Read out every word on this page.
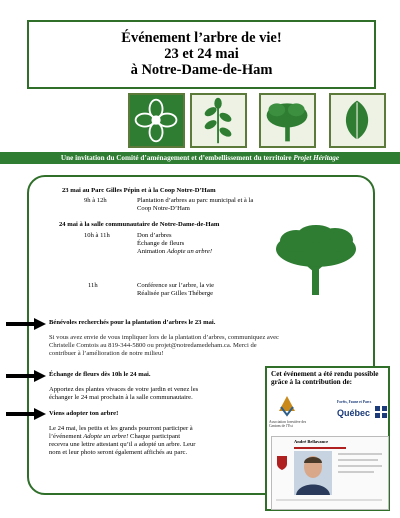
Événement l’arbre de vie!
23 et 24 mai
à Notre-Dame-de-Ham
Une invitation du Comité d’aménagement et d’embellissement du territoire Projet Héritage
23 mai au Parc Gilles Pépin et à la Coop Notre-D’Ham
9h à 12h	Plantation d’arbres au parc municipal et à la
Coop Notre-D’Ham
24 mai à la salle communautaire de Notre-Dame-de-Ham
10h à 11h	Don d’arbres
Échange de fleurs
Animation Adopte un arbre!
11h	Conférence sur l’arbre, la vie
Réalisée par Gilles Théberge
Bénévoles recherchés pour la plantation d’arbres le 23 mai.
Si vous avez envie de vous impliquer lors de la plantation d’arbres, communiquez avec
Christelle Comtois au 819-344-5800 ou projet@notredamedeham.ca. Merci de
contribuer à l’amélioration de notre milieu!
Échange de fleurs dès 10h le 24 mai.
Apportez des plantes vivaces de votre jardin et venez les
échanger le 24 mai prochain à la salle communautaire.
Viens adopter ton arbre!
Le 24 mai, les petits et les grands pourront participer à
l’événement Adopte un arbre! Chaque participant
recevra une lettre attestant qu’il a adopté un arbre. Leur
nom et leur photo seront également affichés au parc.
Cet événement a été rendu possible
grâce à la contribution de:
Association forestière des Cantons de l’Est
Forêts, Faune et Parcs
Québec
André Bellavance
